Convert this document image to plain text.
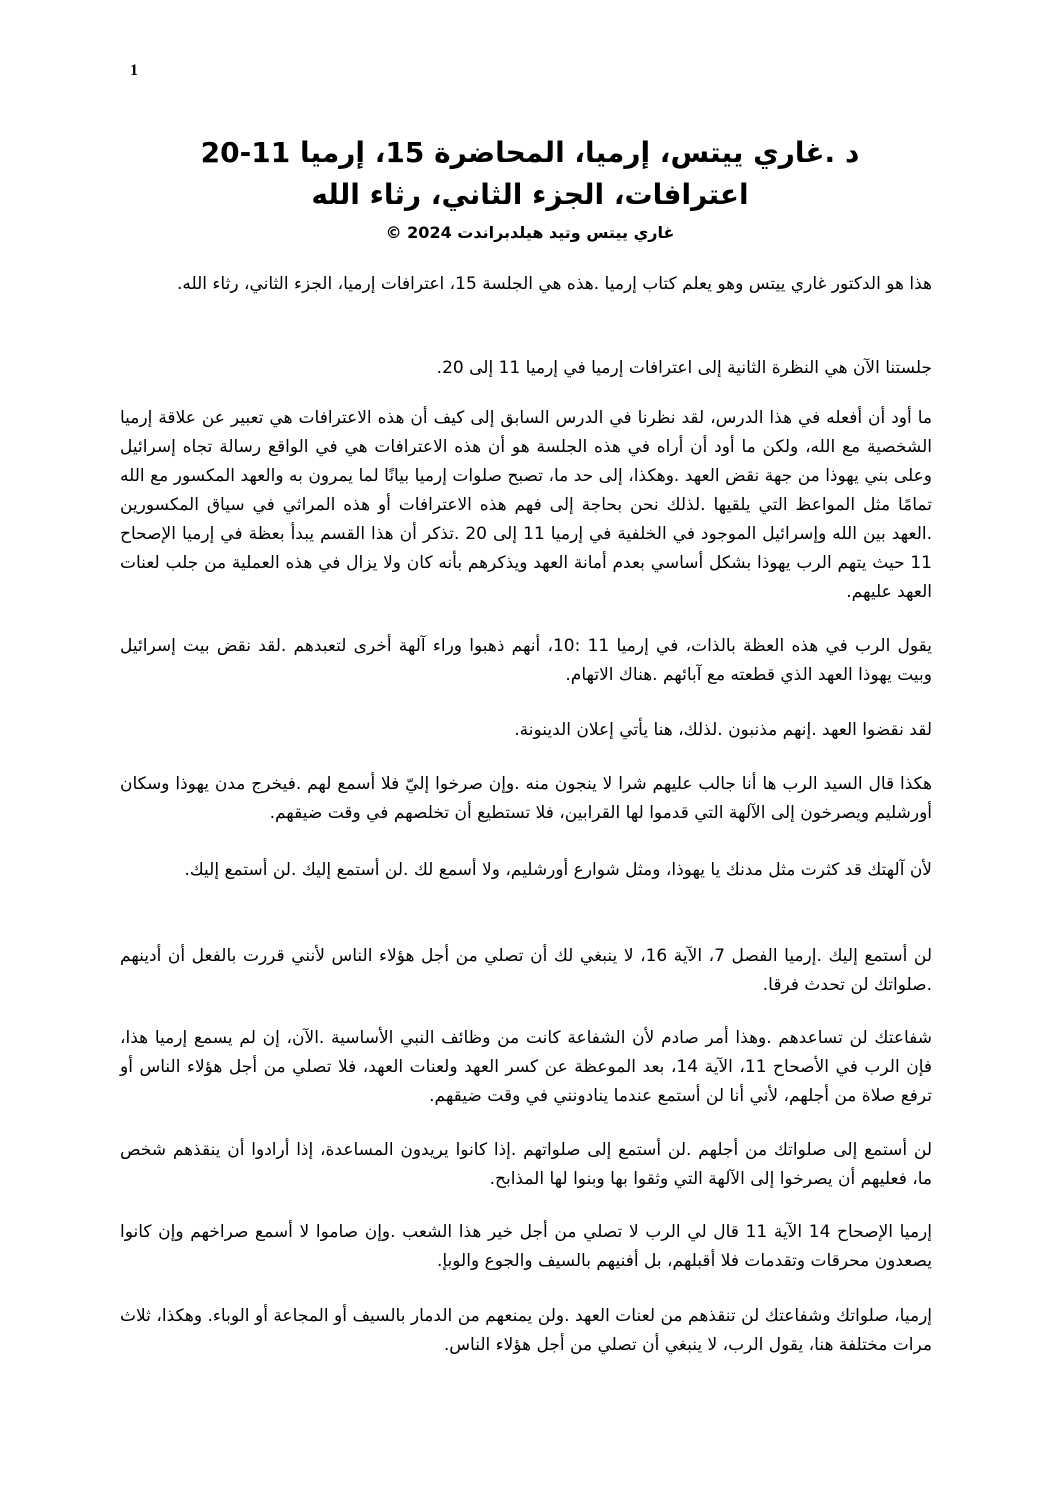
1
د .غاري ييتس، إرميا، المحاضرة 15، إرميا 11-20
اعترافات، الجزء الثاني، رثاء الله
غاري ييتس وتيد هيلدبراندت 2024 ©

هذا هو الدكتور غاري ييتس وهو يعلم كتاب إرميا .هذه هي الجلسة 15، اعترافات إرميا، الجزء الثاني، رثاء الله.

جلستنا الآن هي النظرة الثانية إلى اعترافات إرميا في إرميا 11 إلى 20.

ما أود أن أفعله في هذا الدرس، لقد نظرنا في الدرس السابق إلى كيف أن هذه الاعترافات هي تعبير عن علاقة إرميا الشخصية مع الله، ولكن ما أود أن أراه في هذه الجلسة هو أن هذه الاعترافات هي في الواقع رسالة تجاه إسرائيل وعلى بني يهوذا من جهة نقض العهد .وهكذا، إلى حد ما، تصبح صلوات إرميا بيانًا لما يمرون به والعهد المكسور مع الله تمامًا مثل المواعظ التي يلقيها .لذلك نحن بحاجة إلى فهم هذه الاعترافات أو هذه المراثي في سياق المكسورين .العهد بين الله وإسرائيل الموجود في الخلفية في إرميا 11 إلى 20 .تذكر أن هذا القسم يبدأ بعظة في إرميا الإصحاح 11 حيث يتهم الرب يهوذا بشكل أساسي بعدم أمانة العهد ويذكرهم بأنه كان ولا يزال في هذه العملية من جلب لعنات العهد عليهم.

يقول الرب في هذه العظة بالذات، في إرميا 11 :10، أنهم ذهبوا وراء آلهة أخرى لتعبدهم .لقد نقض بيت إسرائيل وبيت يهوذا العهد الذي قطعته مع آبائهم .هناك الاتهام.

لقد نقضوا العهد .إنهم مذنبون .لذلك، هنا يأتي إعلان الدينونة.

هكذا قال السيد الرب ها أنا جالب عليهم شرا لا ينجون منه .وإن صرخوا إليّ فلا أسمع لهم .فيخرج مدن يهوذا وسكان أورشليم ويصرخون إلى الآلهة التي قدموا لها القرابين، فلا تستطيع أن تخلصهم في وقت ضيقهم.

لأن آلهتك قد كثرت مثل مدنك يا يهوذا، ومثل شوارع أورشليم، ولا أسمع لك .لن أستمع إليك .لن أستمع إليك.

لن أستمع إليك .إرميا الفصل 7، الآية 16، لا ينبغي لك أن تصلي من أجل هؤلاء الناس لأنني قررت بالفعل أن أدينهم .صلواتك لن تحدث فرقا.

شفاعتك لن تساعدهم .وهذا أمر صادم لأن الشفاعة كانت من وظائف النبي الأساسية .الآن، إن لم يسمع إرميا هذا، فإن الرب في الأصحاح 11، الآية 14، بعد الموعظة عن كسر العهد ولعنات العهد، فلا تصلي من أجل هؤلاء الناس أو ترفع صلاة من أجلهم، لأني أنا لن أستمع عندما ينادونني في وقت ضيقهم.

لن أستمع إلى صلواتك من أجلهم .لن أستمع إلى صلواتهم .إذا كانوا يريدون المساعدة، إذا أرادوا أن ينقذهم شخص ما، فعليهم أن يصرخوا إلى الآلهة التي وثقوا بها وبنوا لها المذابح.

إرميا الإصحاح 14 الآية 11 قال لي الرب لا تصلي من أجل خير هذا الشعب .وإن صاموا لا أسمع صراخهم وإن كانوا يصعدون محرقات وتقدمات فلا أقبلهم، بل أفنيهم بالسيف والجوع والوبإ.

إرميا، صلواتك وشفاعتك لن تنقذهم من لعنات العهد .ولن يمنعهم من الدمار بالسيف أو المجاعة أو الوباء. وهكذا، ثلاث مرات مختلفة هنا، يقول الرب، لا ينبغي أن تصلي من أجل هؤلاء الناس.
